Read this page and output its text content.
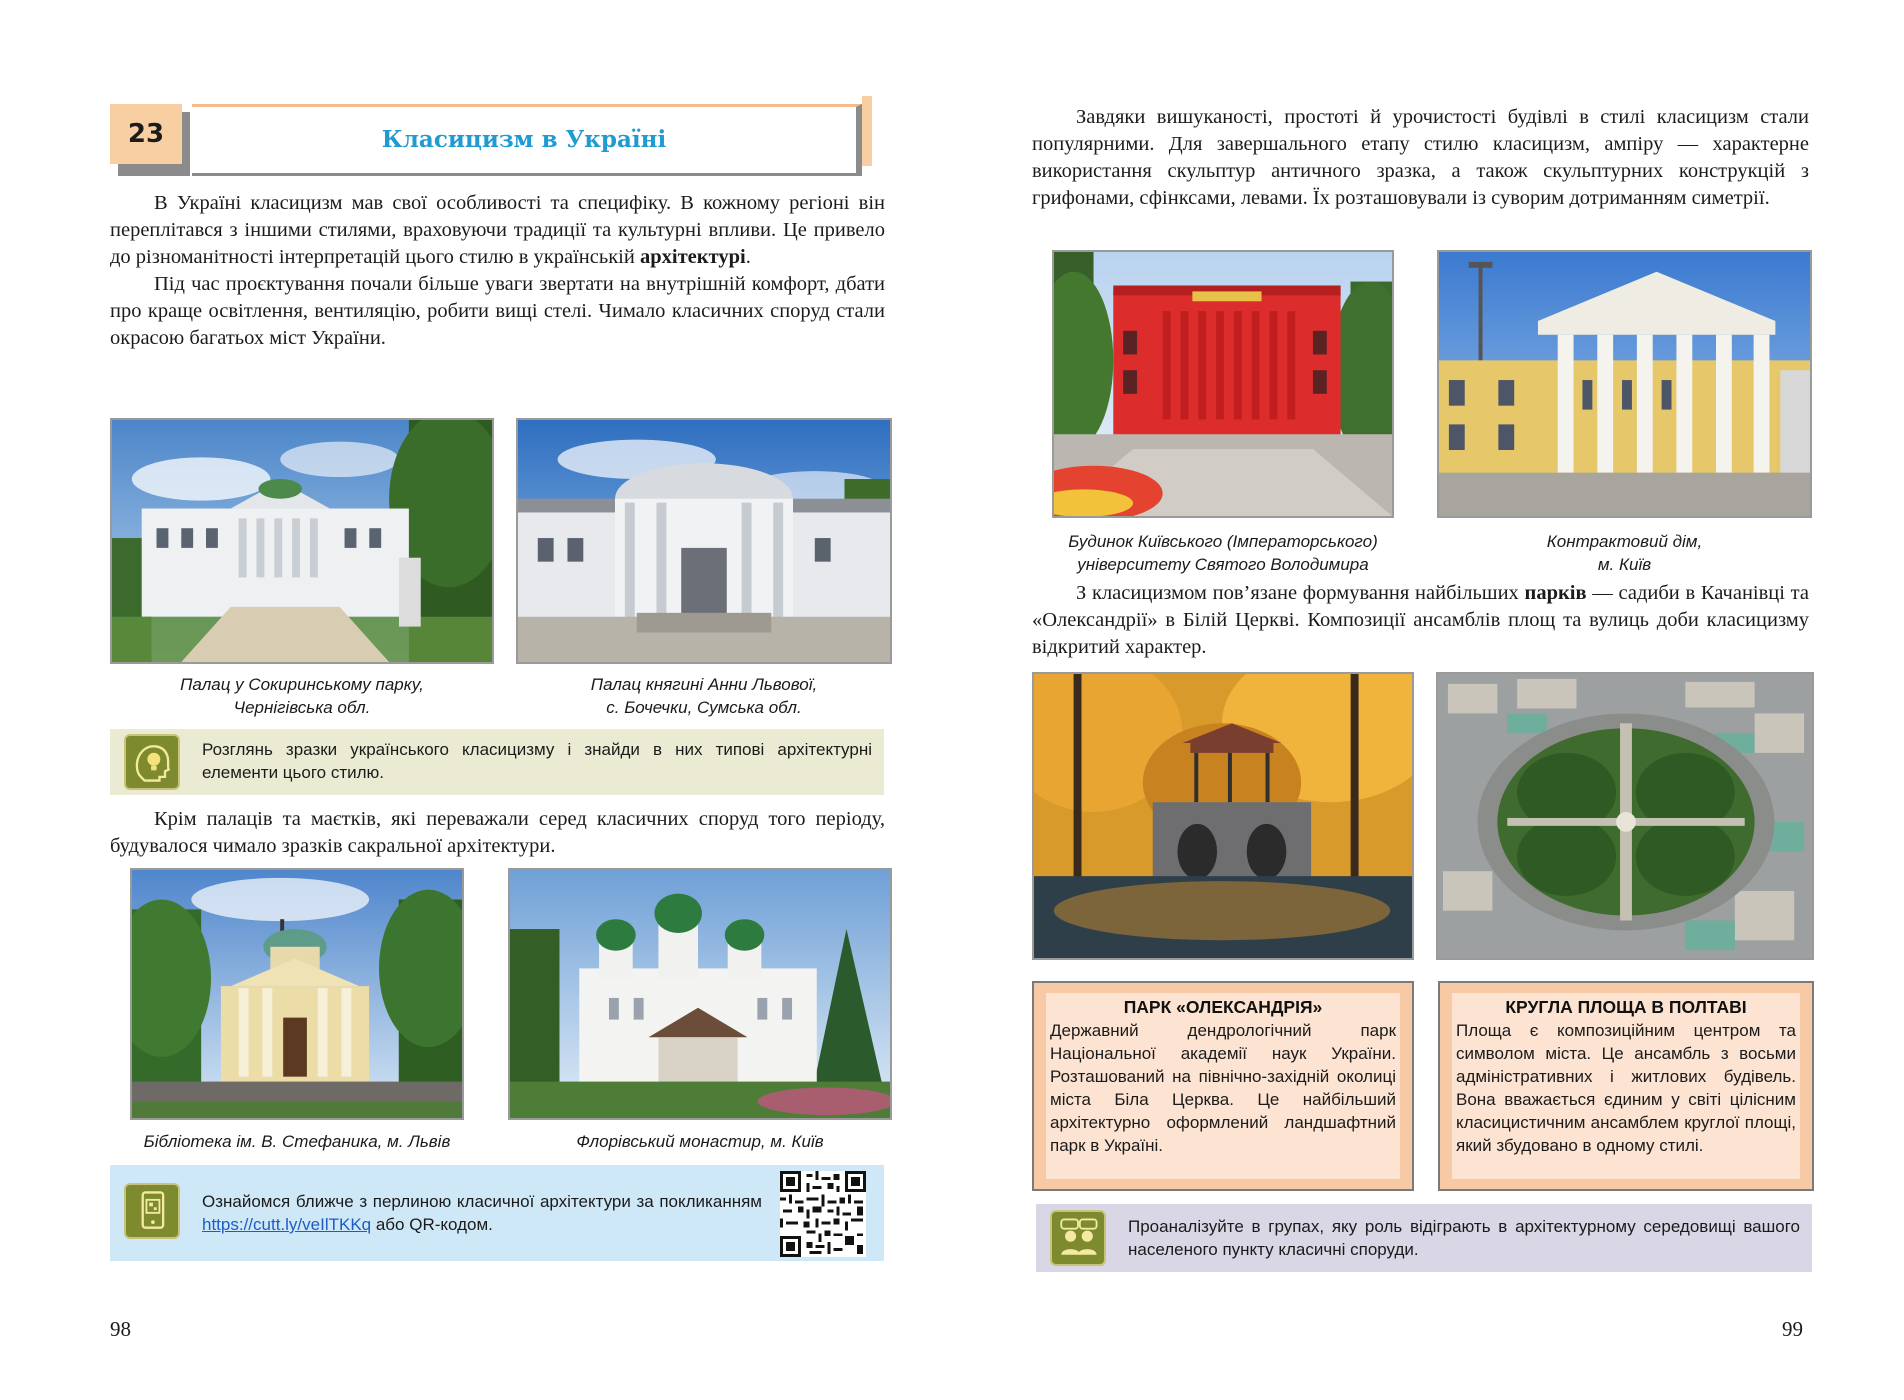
23	Класицизм в Україні

В Україні класицизм мав свої особливості та специфіку. В кожному регіоні він переплітався з іншими стилями, враховуючи традиції та культурні впливи. Це привело до різноманітності інтерпретацій цього стилю в українській архітектурі.

Під час проєктування почали більше уваги звертати на внутрішній комфорт, дбати про краще освітлення, вентиляцію, робити вищі стелі. Чимало класичних споруд стали окрасою багатьох міст України.

Палац у Сокиринському парку,
Чернігівська обл.
Палац княгині Анни Львової,
с. Бочечки, Сумська обл.
Розглянь зразки українського класицизму і знайди в них типові архітектурні елементи цього стилю.

Крім палаців та маєтків, які переважали серед класичних споруд того періоду, будувалося чимало зразків сакральної архітектури.

Бібліотека ім. В. Стефаника, м. Львів	Флорівський монастир, м. Київ
Ознайомся ближче з перлиною класичної архітектури за покликанням https://cutt.ly/veIlTKKq або QR-кодом.
98

Завдяки вишуканості, простоті й урочистості будівлі в стилі класицизм стали популярними. Для завершального етапу стилю класицизм, ампіру — характерне використання скульптур античного зразка, а також скульптурних конструкцій з грифонами, сфінксами, левами. Їх розташовували із суворим дотриманням симетрії.

Будинок Київського (Імператорського)
університету Святого Володимира
Контрактовий дім,
м. Київ

З класицизмом пов’язане формування найбільших парків — садиби в Качанівці та «Олександрії» в Білій Церкві. Композиції ансамблів площ та вулиць доби класицизму відкритий характер.

ПАРК «ОЛЕКСАНДРІЯ»
Державний дендрологічний парк Національної академії наук України. Розташований на північно-західній околиці міста Біла Церква. Це найбільший архітектурно оформлений ландшафтний парк в Україні.
КРУГЛА ПЛОЩА В ПОЛТАВІ
Площа є композиційним центром та символом міста. Це ансамбль з восьми адміністративних і житлових будівель. Вона вважається єдиним у світі цілісним класицистичним ансамблем круглої площі, який збудовано в одному стилі.
Проаналізуйте в групах, яку роль відіграють в архітектурному середовищі вашого населеного пункту класичні споруди.
99
